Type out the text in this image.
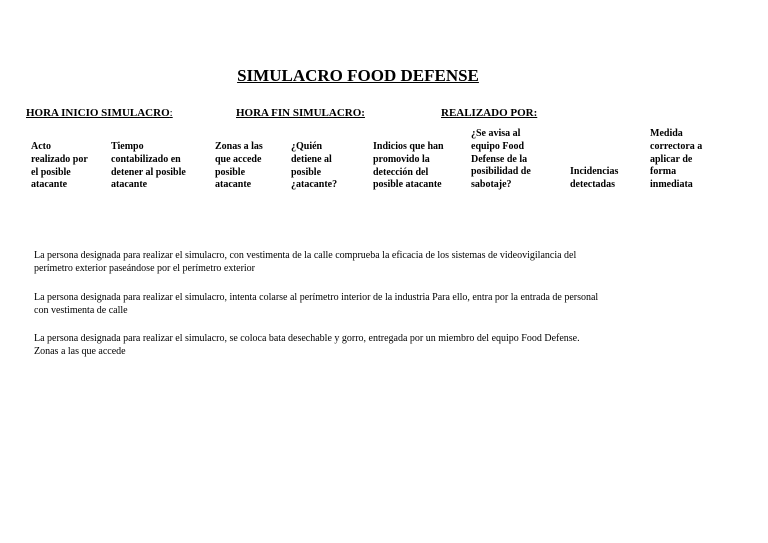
SIMULACRO FOOD DEFENSE
HORA INICIO SIMULACRO:	HORA FIN SIMULACRO:	REALIZADO POR:
Acto
realizado por
el posible
atacante
Tiempo
contabilizado en
detener al posible
atacante
Zonas a las
que accede
posible
atacante
¿Quién
detiene al
posible
¿atacante?
Indicios que han
promovido la
detección del
posible atacante
¿Se avisa al
equipo Food
Defense de la
posibilidad de
sabotaje?
Incidencias
detectadas
Medida
correctora a
aplicar de
forma
inmediata
La persona designada para realizar el simulacro, con vestimenta de la calle comprueba la eficacia de los sistemas de videovigilancia del
perímetro exterior paseándose por el perímetro exterior
La persona designada para realizar el simulacro, intenta colarse al perímetro interior de la industria Para ello, entra por la entrada de personal
con vestimenta de calle
La persona designada para realizar el simulacro, se coloca bata desechable y gorro, entregada por un miembro del equipo Food Defense.
Zonas a las que accede
